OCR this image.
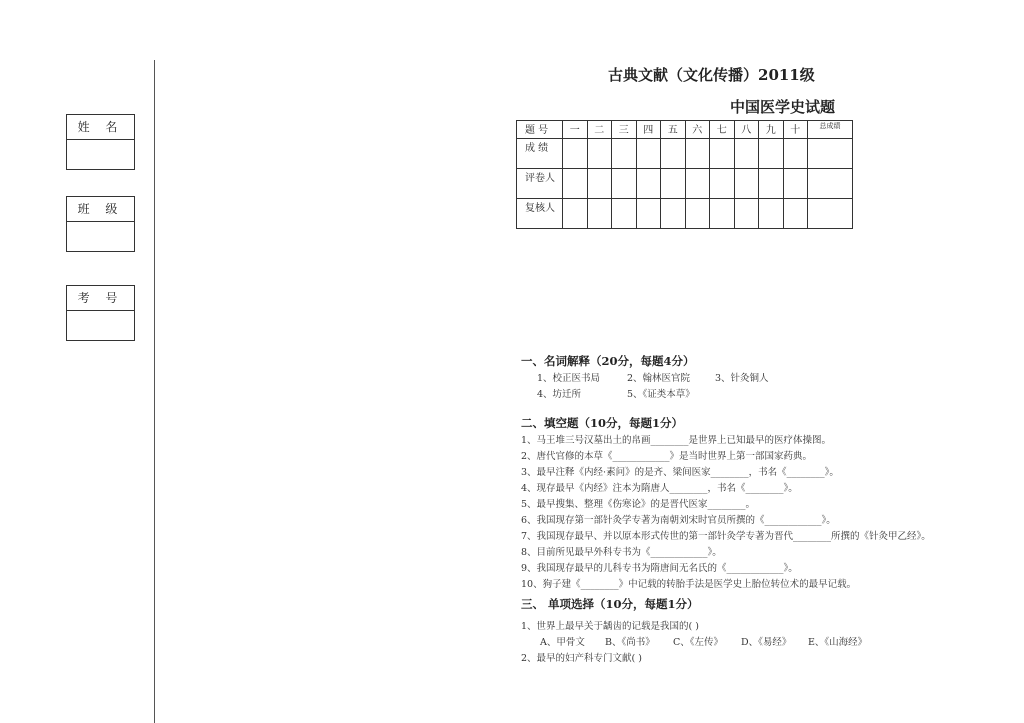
姓 名
班 级
考 号
古典文献（文化传播）2011级
中国医学史试题
题 号	一	二	三	四	五	六	七	八	九	十	总成绩
成 绩											
评卷人											
复核人											
一、名词解释（20分，每题4分）
1、校正医书局	2、翰林医官院	3、针灸铜人
4、坊迁所	5、《证类本草》
二、填空题（10分，每题1分）
1、马王堆三号汉墓出土的帛画________是世界上已知最早的医疗体操图。
2、唐代官修的本草《____________》是当时世界上第一部国家药典。
3、最早注释《内经·素问》的是齐、梁间医家________，书名《________》。
4、现存最早《内经》注本为隋唐人________，书名《________》。
5、最早搜集、整理《伤寒论》的是晋代医家________。
6、我国现存第一部针灸学专著为南朝刘宋时官员所撰的《____________》。
7、我国现存最早、并以原本形式传世的第一部针灸学专著为晋代________所撰的《针灸甲乙经》。
8、目前所见最早外科专书为《____________》。
9、我国现存最早的儿科专书为隋唐间无名氏的《____________》。
10、狗子建《________》中记载的转胎手法是医学史上胎位转位术的最早记载。
三、 单项选择（10分，每题1分）
1、世界上最早关于龋齿的记载是我国的( )
A、甲骨文 B、《尚书》 C、《左传》 D、《易经》 E、《山海经》
2、最早的妇产科专门文献( )
